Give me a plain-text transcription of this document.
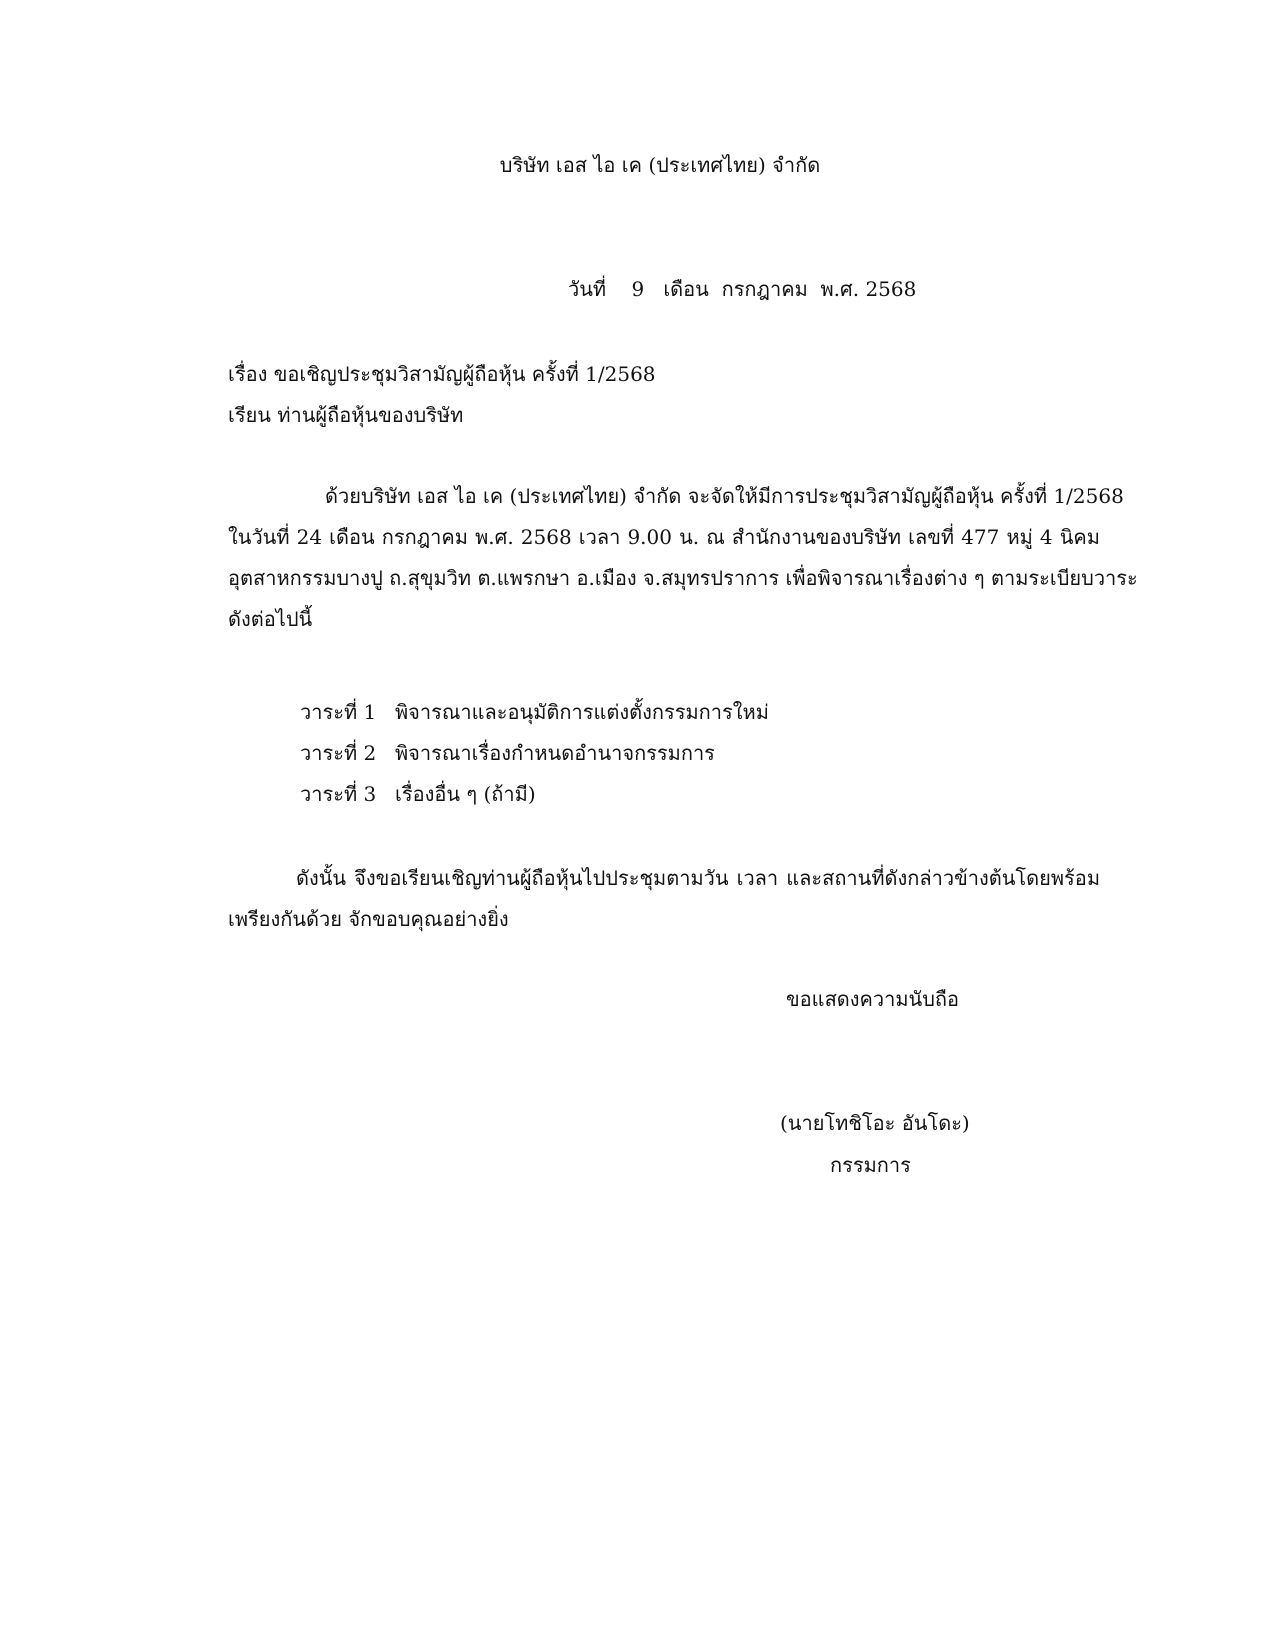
บริษัท เอส ไอ เค (ประเทศไทย) จำกัด
วันที่ 9 เดือน กรกฎาคม พ.ศ. 2568
เรื่อง ขอเชิญประชุมวิสามัญผู้ถือหุ้น ครั้งที่ 1/2568
เรียน ท่านผู้ถือหุ้นของบริษัท
ด้วยบริษัท เอส ไอ เค (ประเทศไทย) จำกัด จะจัดให้มีการประชุมวิสามัญผู้ถือหุ้น ครั้งที่ 1/2568
ในวันที่ 24 เดือน กรกฎาคม พ.ศ. 2568 เวลา 9.00 น. ณ สำนักงานของบริษัท เลขที่ 477 หมู่ 4 นิคม
อุตสาหกรรมบางปู ถ.สุขุมวิท ต.แพรกษา อ.เมือง จ.สมุทรปราการ เพื่อพิจารณาเรื่องต่าง ๆ ตามระเบียบวาระ
ดังต่อไปนี้
วาระที่ 1 พิจารณาและอนุมัติการแต่งตั้งกรรมการใหม่
วาระที่ 2 พิจารณาเรื่องกำหนดอำนาจกรรมการ
วาระที่ 3 เรื่องอื่น ๆ (ถ้ามี)
ดังนั้น จึงขอเรียนเชิญท่านผู้ถือหุ้นไปประชุมตามวัน เวลา และสถานที่ดังกล่าวข้างต้นโดยพร้อม
เพรียงกันด้วย จักขอบคุณอย่างยิ่ง
ขอแสดงความนับถือ
(นายโทชิโอะ อันโดะ)
กรรมการ
